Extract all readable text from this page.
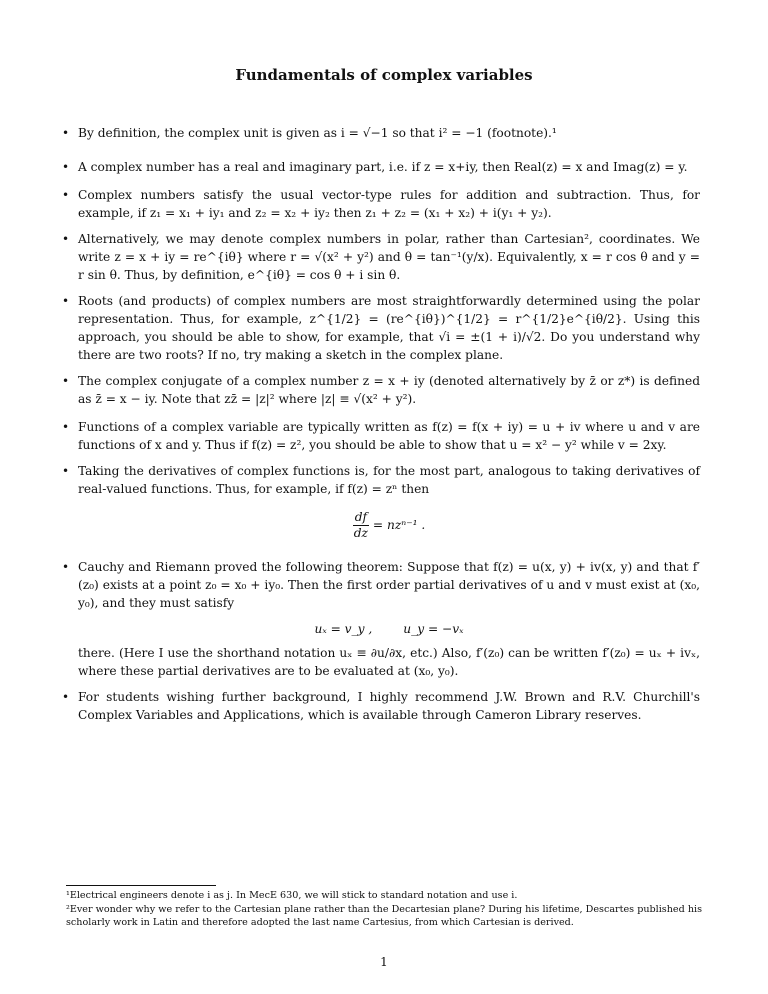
Fundamentals of complex variables
• By definition, the complex unit is given as i = √−1 so that i² = −1 (footnote).¹

• A complex number has a real and imaginary part, i.e. if z = x+iy, then Real(z) = x and Imag(z) = y.

• Complex numbers satisfy the usual vector-type rules for addition and subtraction. Thus, for example, if z₁ = x₁ + iy₁ and z₂ = x₂ + iy₂ then z₁ + z₂ = (x₁ + x₂) + i(y₁ + y₂).

• Alternatively, we may denote complex numbers in polar, rather than Cartesian², coordinates. We write z = x + iy = re^{iθ} where r = √(x² + y²) and θ = tan⁻¹(y/x). Equivalently, x = r cos θ and y = r sin θ. Thus, by definition, e^{iθ} = cos θ + i sin θ.

• Roots (and products) of complex numbers are most straightforwardly determined using the polar representation. Thus, for example, z^{1/2} = (re^{iθ})^{1/2} = r^{1/2}e^{iθ/2}. Using this approach, you should be able to show, for example, that √i = ±(1 + i)/√2. Do you understand why there are two roots? If no, try making a sketch in the complex plane.

• The complex conjugate of a complex number z = x + iy (denoted alternatively by z̄ or z*) is defined as z̄ = x − iy. Note that zz̄ = |z|² where |z| ≡ √(x² + y²).

• Functions of a complex variable are typically written as f(z) = f(x + iy) = u + iv where u and v are functions of x and y. Thus if f(z) = z², you should be able to show that u = x² − y² while v = 2xy.

• Taking the derivatives of complex functions is, for the most part, analogous to taking derivatives of real-valued functions. Thus, for example, if f(z) = zⁿ then

$\frac{df}{dz} = nz^{n-1}$ .
• Cauchy and Riemann proved the following theorem: Suppose that f(z) = u(x, y) + iv(x, y) and that f′(z₀) exists at a point z₀ = x₀ + iy₀. Then the first order partial derivatives of u and v must exist at (x₀, y₀), and they must satisfy

uₓ = v_y ,        u_y = −vₓ

there. (Here I use the shorthand notation uₓ ≡ ∂u/∂x, etc.) Also, f′(z₀) can be written f′(z₀) = uₓ + ivₓ, where these partial derivatives are to be evaluated at (x₀, y₀).

• For students wishing further background, I highly recommend J.W. Brown and R.V. Churchill's Complex Variables and Applications, which is available through Cameron Library reserves.

¹Electrical engineers denote i as j. In MecE 630, we will stick to standard notation and use i.

²Ever wonder why we refer to the Cartesian plane rather than the Decartesian plane? During his lifetime, Descartes published his scholarly work in Latin and therefore adopted the last name Cartesius, from which Cartesian is derived.

1
